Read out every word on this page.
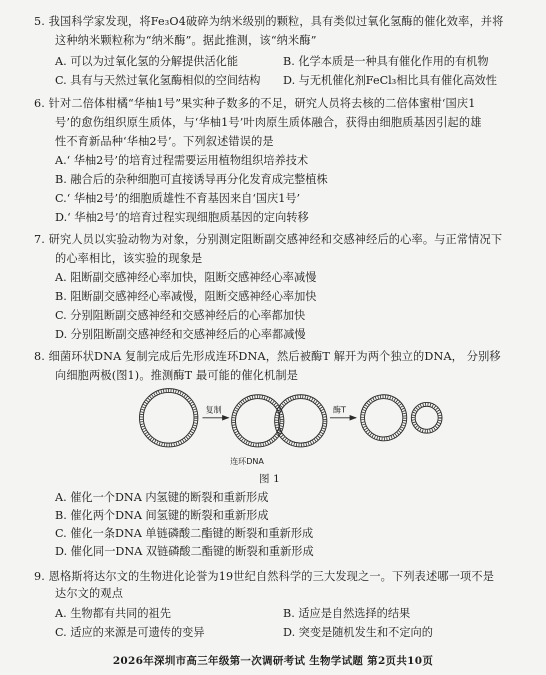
5. 我国科学家发现，将Fe₃O4破碎为纳米级别的颗粒，具有类似过氧化氢酶的催化效率，并将
这种纳米颗粒称为“纳米酶”。据此推测，该“纳米酶”
A. 可以为过氧化氢的分解提供活化能	B. 化学本质是一种具有催化作用的有机物
C. 具有与天然过氧化氢酶相似的空间结构 D. 与无机催化剂FeCl₃相比具有催化高效性
6. 针对二倍体柑橘“华柚1号”果实种子数多的不足，研究人员将去核的二倍体蜜柑‘国庆1
号’的愈伤组织原生质体，与‘华柚1号’叶肉原生质体融合，获得由细胞质基因引起的雄
性不育新品种‘华柚2号’。下列叙述错误的是
A.‘ 华柚2号’的培育过程需要运用植物组织培养技术
B. 融合后的杂种细胞可直接诱导再分化发育成完整植株
C.‘ 华柚2号’的细胞质雄性不育基因来自‘国庆1号’
D.‘ 华柚2号’的培育过程实现细胞质基因的定向转移
7. 研究人员以实验动物为对象，分别测定阻断副交感神经和交感神经后的心率。与正常情况下
的心率相比，该实验的现象是
A. 阻断副交感神经心率加快，阻断交感神经心率减慢
B. 阻断副交感神经心率减慢，阻断交感神经心率加快
C. 分别阻断副交感神经和交感神经后的心率都加快
D. 分别阻断副交感神经和交感神经后的心率都减慢
8. 细菌环状DNA 复制完成后先形成连环DNA，然后被酶T 解开为两个独立的DNA， 分别移
向细胞两极(图1)。推测酶T 最可能的催化机制是
复制	酶T
连环DNA
图 1
A. 催化一个DNA 内氢键的断裂和重新形成
B. 催化两个DNA 间氢键的断裂和重新形成
C. 催化一条DNA 单链磷酸二酯键的断裂和重新形成
D. 催化同一DNA 双链磷酸二酯键的断裂和重新形成
9. 恩格斯将达尔文的生物进化论誉为19世纪自然科学的三大发现之一。下列表述哪一项不是
达尔文的观点
2026年深圳市高三年级第一次调研考试 生物学试题 第2页共10页
A. 生物都有共同的祖先	B. 适应是自然选择的结果
C. 适应的来源是可遗传的变异	D. 突变是随机发生和不定向的
